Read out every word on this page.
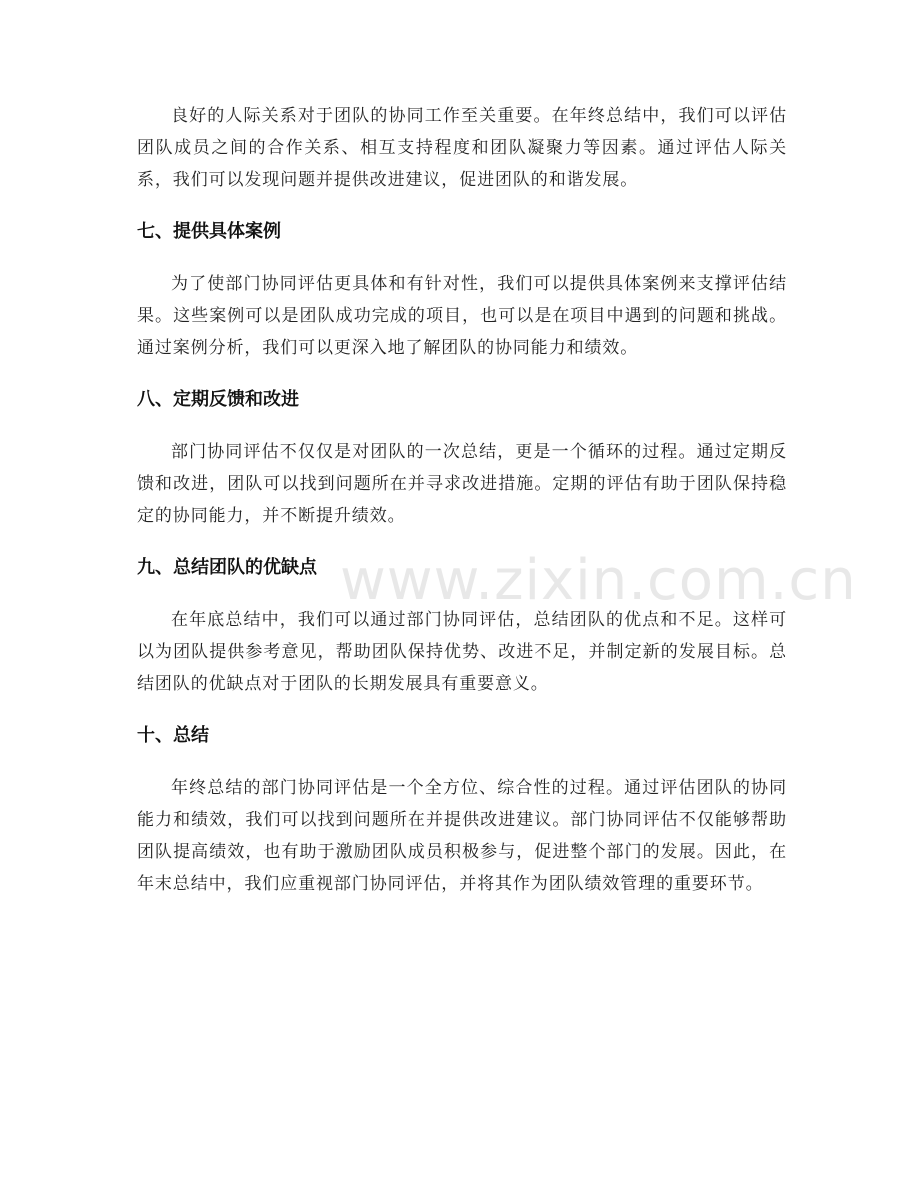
良好的人际关系对于团队的协同工作至关重要。在年终总结中，我们可以评估团队成员之间的合作关系、相互支持程度和团队凝聚力等因素。通过评估人际关系，我们可以发现问题并提供改进建议，促进团队的和谐发展。

七、提供具体案例

为了使部门协同评估更具体和有针对性，我们可以提供具体案例来支撑评估结果。这些案例可以是团队成功完成的项目，也可以是在项目中遇到的问题和挑战。通过案例分析，我们可以更深入地了解团队的协同能力和绩效。

八、定期反馈和改进

部门协同评估不仅仅是对团队的一次总结，更是一个循环的过程。通过定期反馈和改进，团队可以找到问题所在并寻求改进措施。定期的评估有助于团队保持稳定的协同能力，并不断提升绩效。

九、总结团队的优缺点

在年底总结中，我们可以通过部门协同评估，总结团队的优点和不足。这样可以为团队提供参考意见，帮助团队保持优势、改进不足，并制定新的发展目标。总结团队的优缺点对于团队的长期发展具有重要意义。

十、总结

年终总结的部门协同评估是一个全方位、综合性的过程。通过评估团队的协同能力和绩效，我们可以找到问题所在并提供改进建议。部门协同评估不仅能够帮助团队提高绩效，也有助于激励团队成员积极参与，促进整个部门的发展。因此，在年末总结中，我们应重视部门协同评估，并将其作为团队绩效管理的重要环节。

www.zixin.com.cn
